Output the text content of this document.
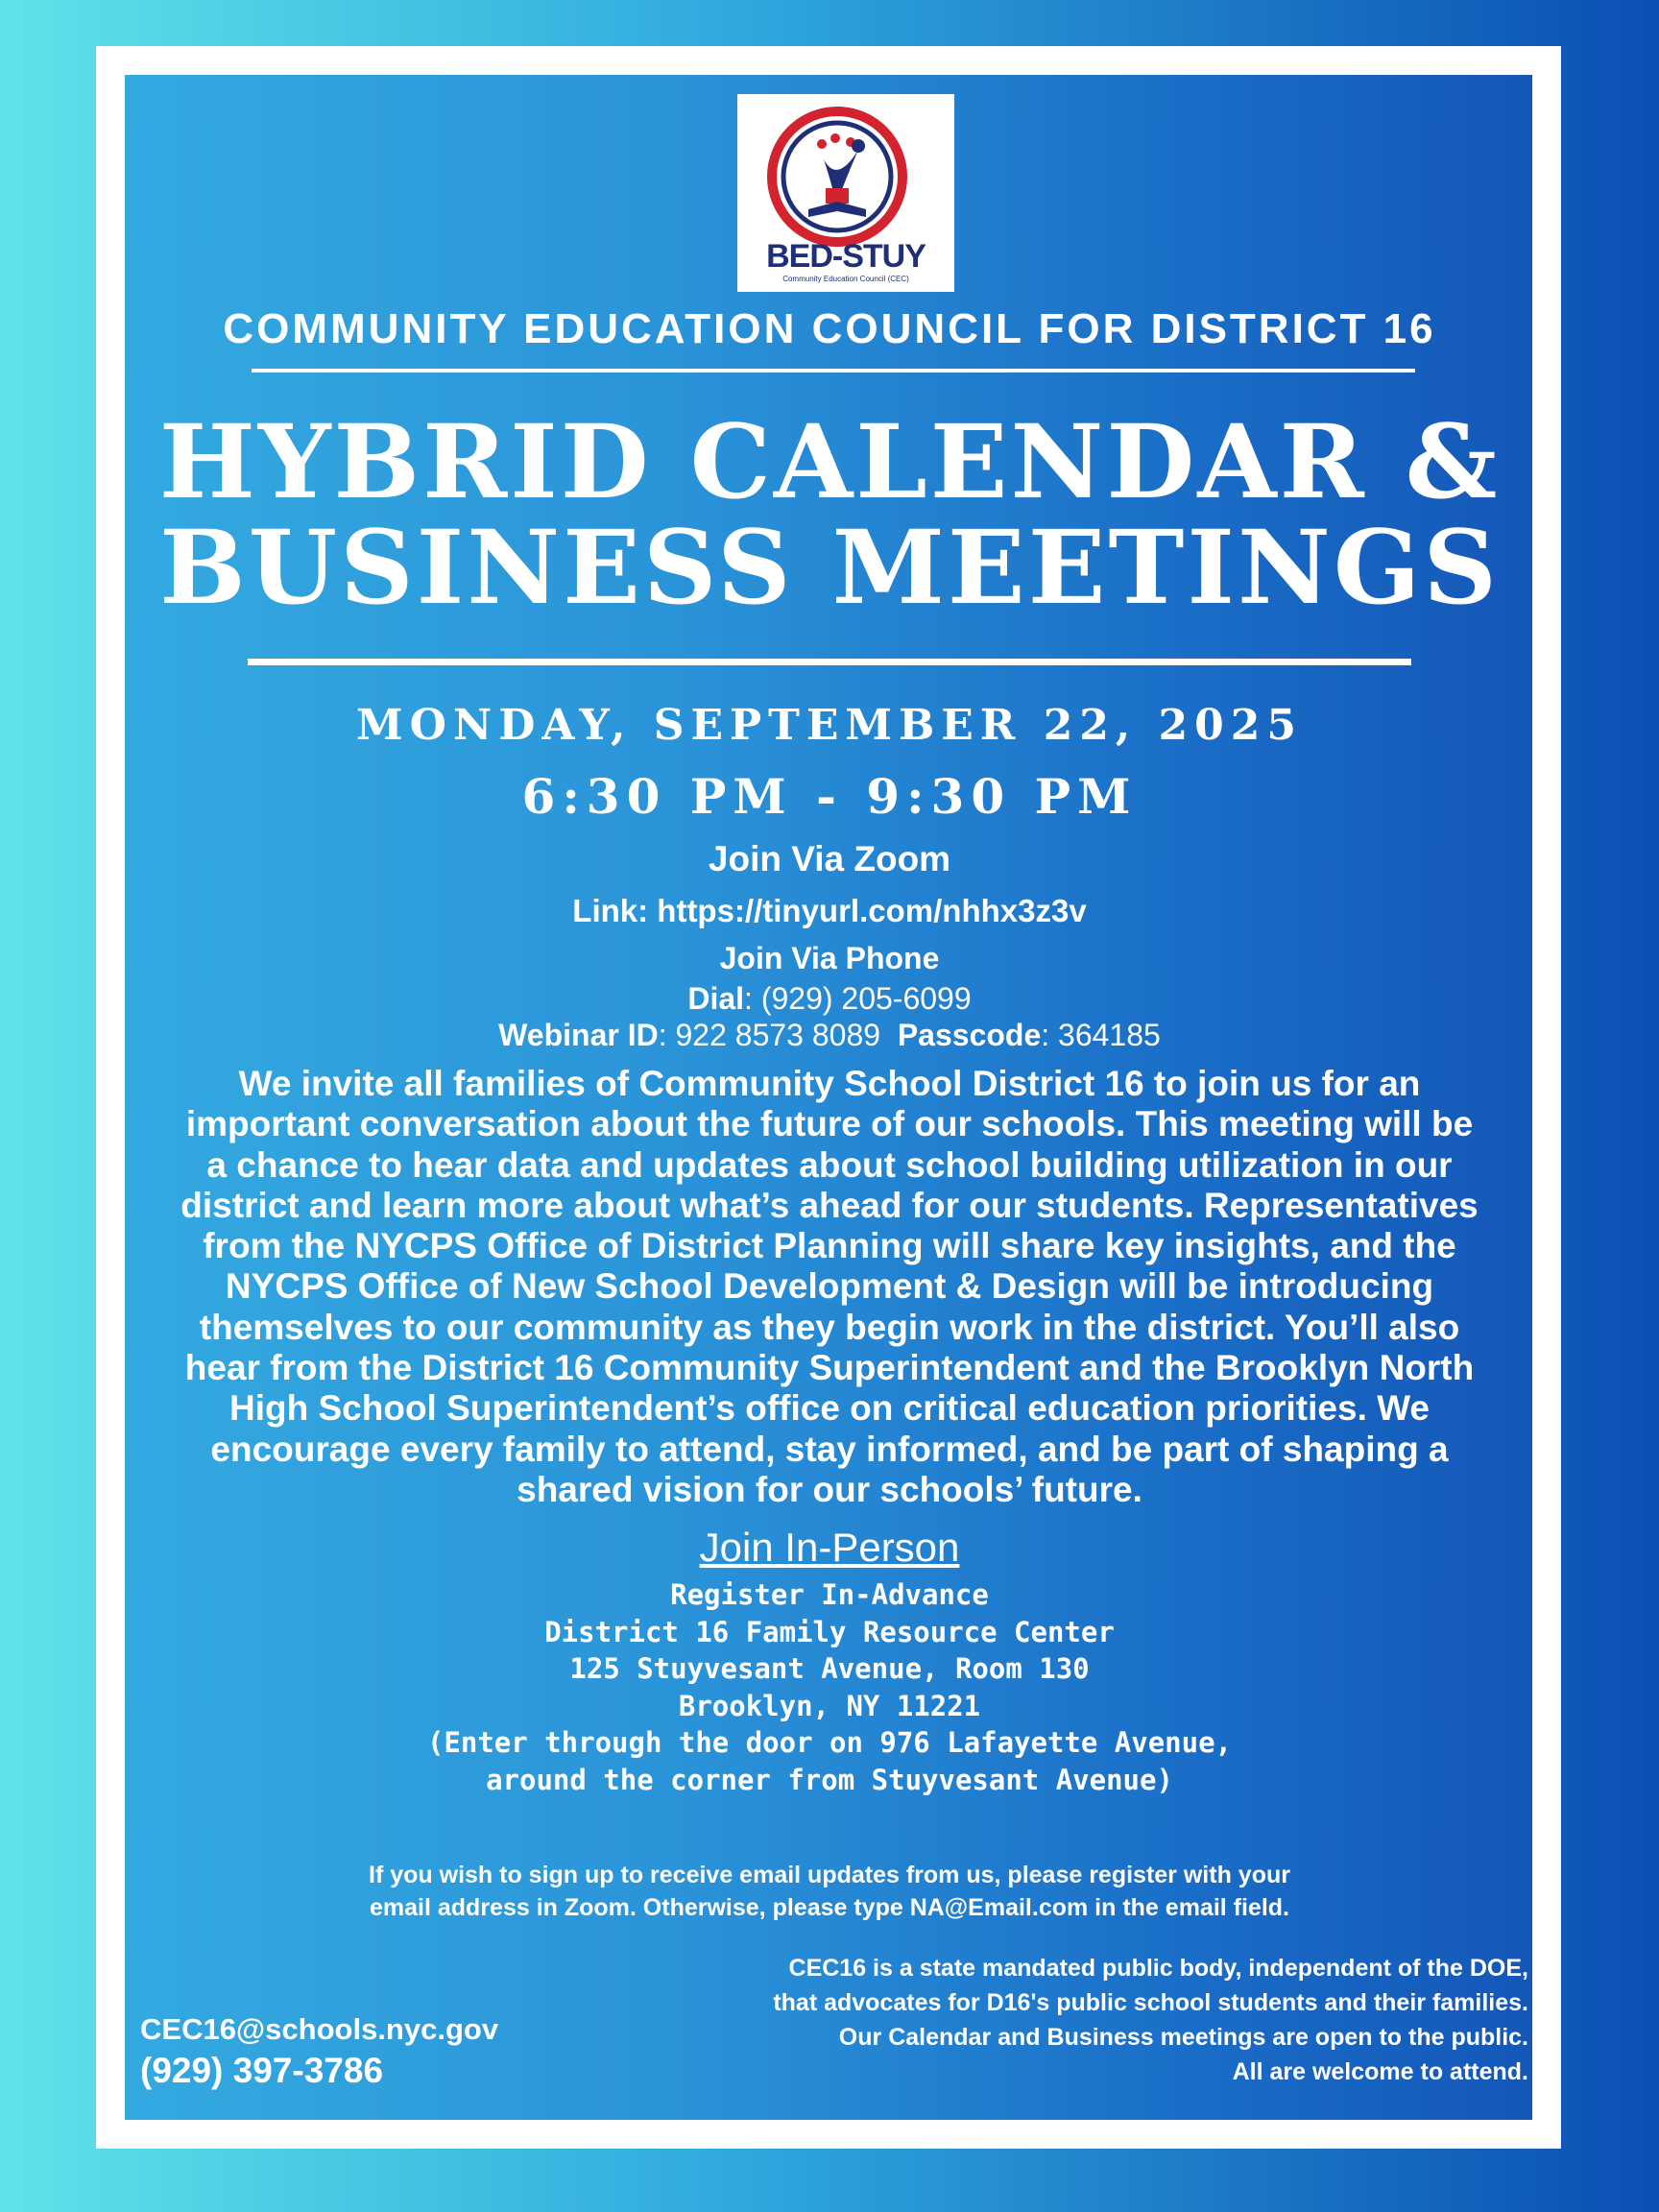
BED-STUY
Community Education Council (CEC)
COMMUNITY EDUCATION COUNCIL FOR DISTRICT 16
HYBRID CALENDAR &
BUSINESS MEETINGS
MONDAY, SEPTEMBER 22, 2025
6:30 PM - 9:30 PM
Join Via Zoom
Link: https://tinyurl.com/nhhx3z3v
Join Via Phone
Dial: (929) 205-6099
Webinar ID: 922 8573 8089 Passcode: 364185
We invite all families of Community School District 16 to join us for an
important conversation about the future of our schools. This meeting will be
a chance to hear data and updates about school building utilization in our
district and learn more about what’s ahead for our students. Representatives
from the NYCPS Office of District Planning will share key insights, and the
NYCPS Office of New School Development & Design will be introducing
themselves to our community as they begin work in the district. You’ll also
hear from the District 16 Community Superintendent and the Brooklyn North
High School Superintendent’s office on critical education priorities. We
encourage every family to attend, stay informed, and be part of shaping a
shared vision for our schools’ future.
Join In-Person
Register In-Advance
District 16 Family Resource Center
125 Stuyvesant Avenue, Room 130
Brooklyn, NY 11221
(Enter through the door on 976 Lafayette Avenue,
around the corner from Stuyvesant Avenue)
If you wish to sign up to receive email updates from us, please register with your
email address in Zoom. Otherwise, please type NA@Email.com in the email field.
CEC16@schools.nyc.gov
(929) 397-3786
CEC16 is a state mandated public body, independent of the DOE,
that advocates for D16's public school students and their families.
Our Calendar and Business meetings are open to the public.
All are welcome to attend.
